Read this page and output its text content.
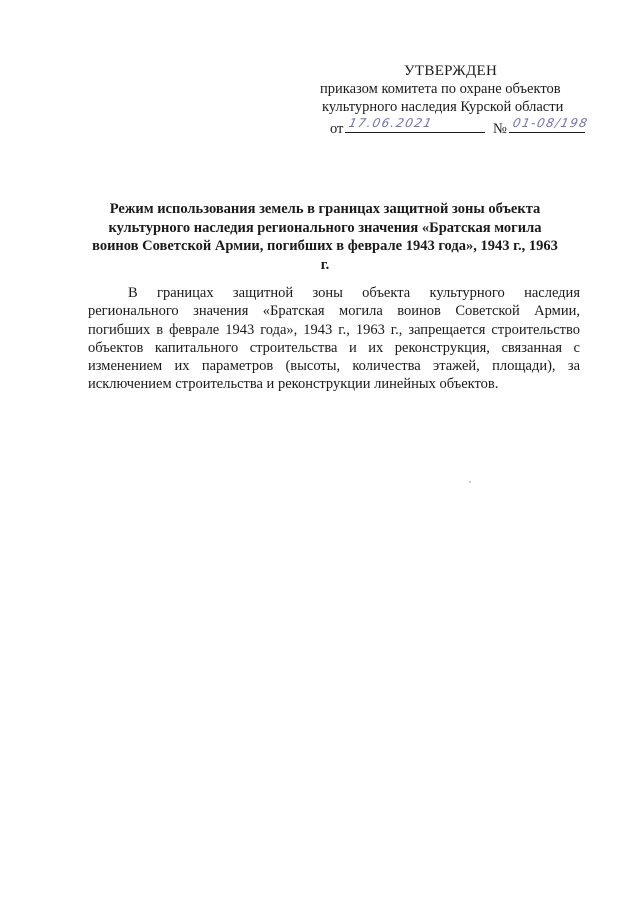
УТВЕРЖДЕН
приказом комитета по охране объектов
культурного наследия Курской области
от 17.06.2021	№ 01-08/198
Режим использования земель в границах защитной зоны объекта культурного наследия регионального значения «Братская могила воинов Советской Армии, погибших в феврале 1943 года», 1943 г., 1963 г.

В границах защитной зоны объекта культурного наследия регионального значения «Братская могила воинов Советской Армии, погибших в феврале 1943 года», 1943 г., 1963 г., запрещается строительство объектов капитального строительства и их реконструкция, связанная с изменением их параметров (высоты, количества этажей, площади), за исключением строительства и реконструкции линейных объектов.
